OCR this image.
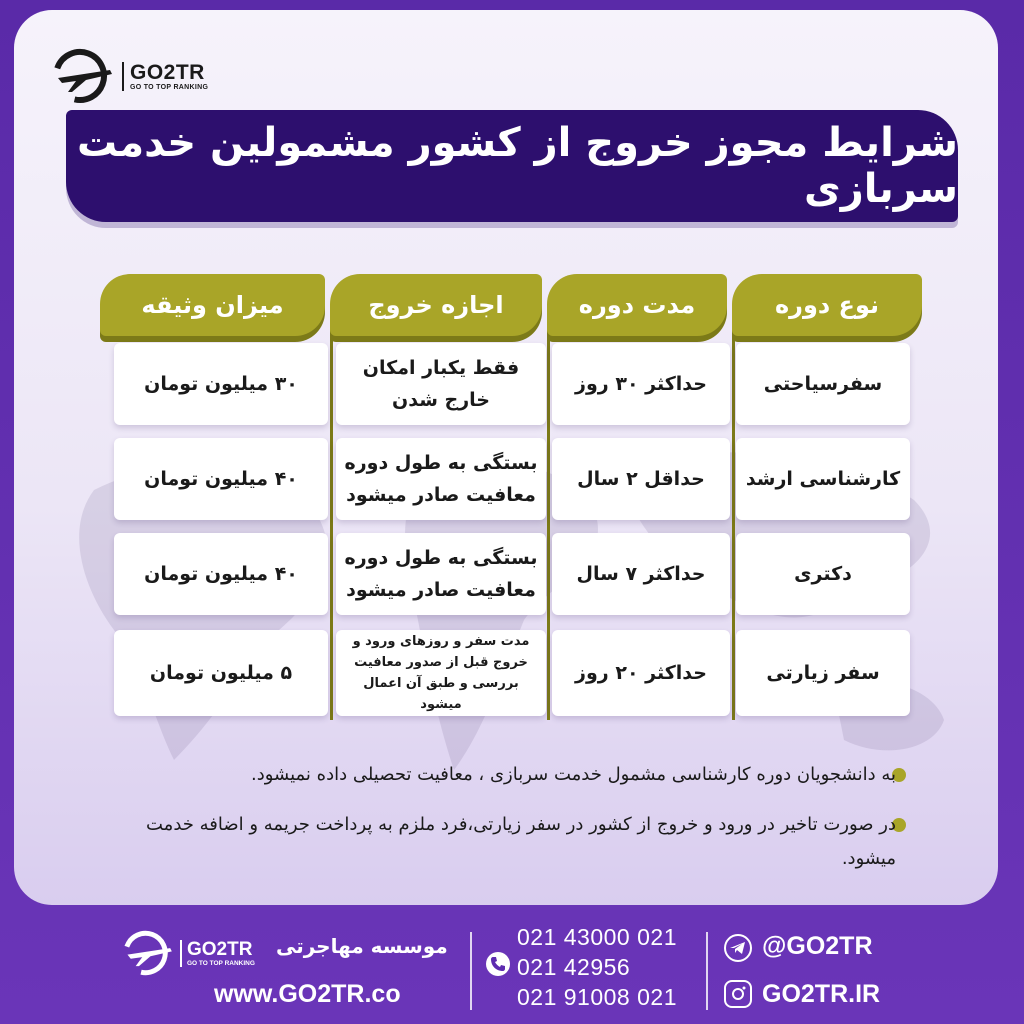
GO2TR
GO TO TOP RANKING
شرایط مجوز خروج از کشور مشمولین خدمت سربازی
نوع دوره
مدت دوره
اجازه خروج
میزان وثیقه
سفرسیاحتی
حداکثر ۳۰ روز
فقط یکبار امکان خارج شدن
۳۰ میلیون تومان
کارشناسی ارشد
حداقل ۲ سال
بستگی به طول دوره معافیت صادر میشود
۴۰ میلیون تومان
دکتری
حداکثر ۷ سال
بستگی به طول دوره معافیت صادر میشود
۴۰ میلیون تومان
سفر زیارتی
حداکثر ۲۰ روز
مدت سفر و روزهای ورود و خروج قبل از صدور معافیت بررسی و طبق آن اعمال میشود
۵ میلیون تومان
به دانشجویان دوره کارشناسی مشمول خدمت سربازی ، معافیت تحصیلی داده نمیشود.
در صورت تاخیر در ورود و خروج از کشور در سفر زیارتی،فرد ملزم به پرداخت جریمه و اضافه خدمت میشود.
GO2TR
GO TO TOP RANKING
موسسه مهاجرتی
www.GO2TR.co
021 43000 021
021 42956
021 91008 021
@GO2TR
GO2TR.IR
